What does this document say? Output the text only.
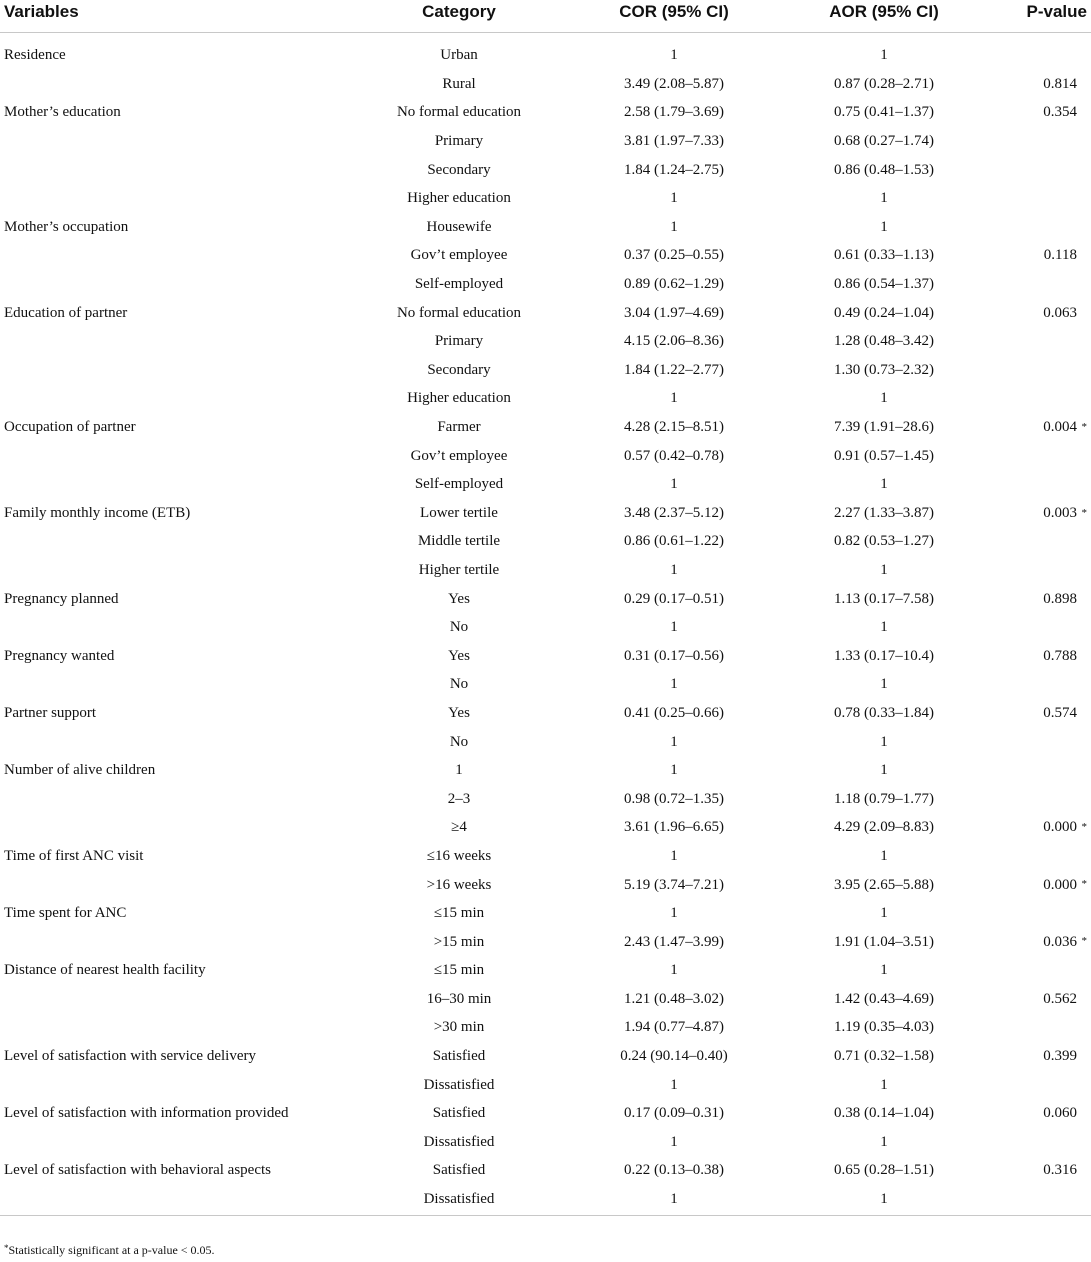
Variables	Category	COR (95% CI)	AOR (95% CI)	P-value

Residence	Urban	1	1	
	Rural	3.49 (2.08–5.87)	0.87 (0.28–2.71)	0.814
Mother’s education	No formal education	2.58 (1.79–3.69)	0.75 (0.41–1.37)	0.354
	Primary	3.81 (1.97–7.33)	0.68 (0.27–1.74)	
	Secondary	1.84 (1.24–2.75)	0.86 (0.48–1.53)	
	Higher education	1	1	
Mother’s occupation	Housewife	1	1	
	Gov’t employee	0.37 (0.25–0.55)	0.61 (0.33–1.13)	0.118
	Self-employed	0.89 (0.62–1.29)	0.86 (0.54–1.37)	
Education of partner	No formal education	3.04 (1.97–4.69)	0.49 (0.24–1.04)	0.063
	Primary	4.15 (2.06–8.36)	1.28 (0.48–3.42)	
	Secondary	1.84 (1.22–2.77)	1.30 (0.73–2.32)	
	Higher education	1	1	
Occupation of partner	Farmer	4.28 (2.15–8.51)	7.39 (1.91–28.6)	0.004 *

	Gov’t employee	0.57 (0.42–0.78)	0.91 (0.57–1.45)	
	Self-employed	1	1	
Family monthly income (ETB)	Lower tertile	3.48 (2.37–5.12)	2.27 (1.33–3.87)	0.003 *

	Middle tertile	0.86 (0.61–1.22)	0.82 (0.53–1.27)	
	Higher tertile	1	1	
Pregnancy planned	Yes	0.29 (0.17–0.51)	1.13 (0.17–7.58)	0.898
	No	1	1	
Pregnancy wanted	Yes	0.31 (0.17–0.56)	1.33 (0.17–10.4)	0.788
	No	1	1	
Partner support	Yes	0.41 (0.25–0.66)	0.78 (0.33–1.84)	0.574
	No	1	1	
Number of alive children	1	1	1	
	2–3	0.98 (0.72–1.35)	1.18 (0.79–1.77)	
	≥4	3.61 (1.96–6.65)	4.29 (2.09–8.83)	0.000 *

Time of first ANC visit	≤16 weeks	1	1	
	>16 weeks	5.19 (3.74–7.21)	3.95 (2.65–5.88)	0.000 *

Time spent for ANC	≤15 min	1	1	
	>15 min	2.43 (1.47–3.99)	1.91 (1.04–3.51)	0.036 *

Distance of nearest health facility	≤15 min	1	1	
	16–30 min	1.21 (0.48–3.02)	1.42 (0.43–4.69)	0.562
	>30 min	1.94 (0.77–4.87)	1.19 (0.35–4.03)	
Level of satisfaction with service delivery	Satisfied	0.24 (90.14–0.40)	0.71 (0.32–1.58)	0.399
	Dissatisfied	1	1	
Level of satisfaction with information provided	Satisfied	0.17 (0.09–0.31)	0.38 (0.14–1.04)	0.060
	Dissatisfied	1	1	
Level of satisfaction with behavioral aspects	Satisfied	0.22 (0.13–0.38)	0.65 (0.28–1.51)	0.316
	Dissatisfied	1	1	
*Statistically significant at a p-value < 0.05.
